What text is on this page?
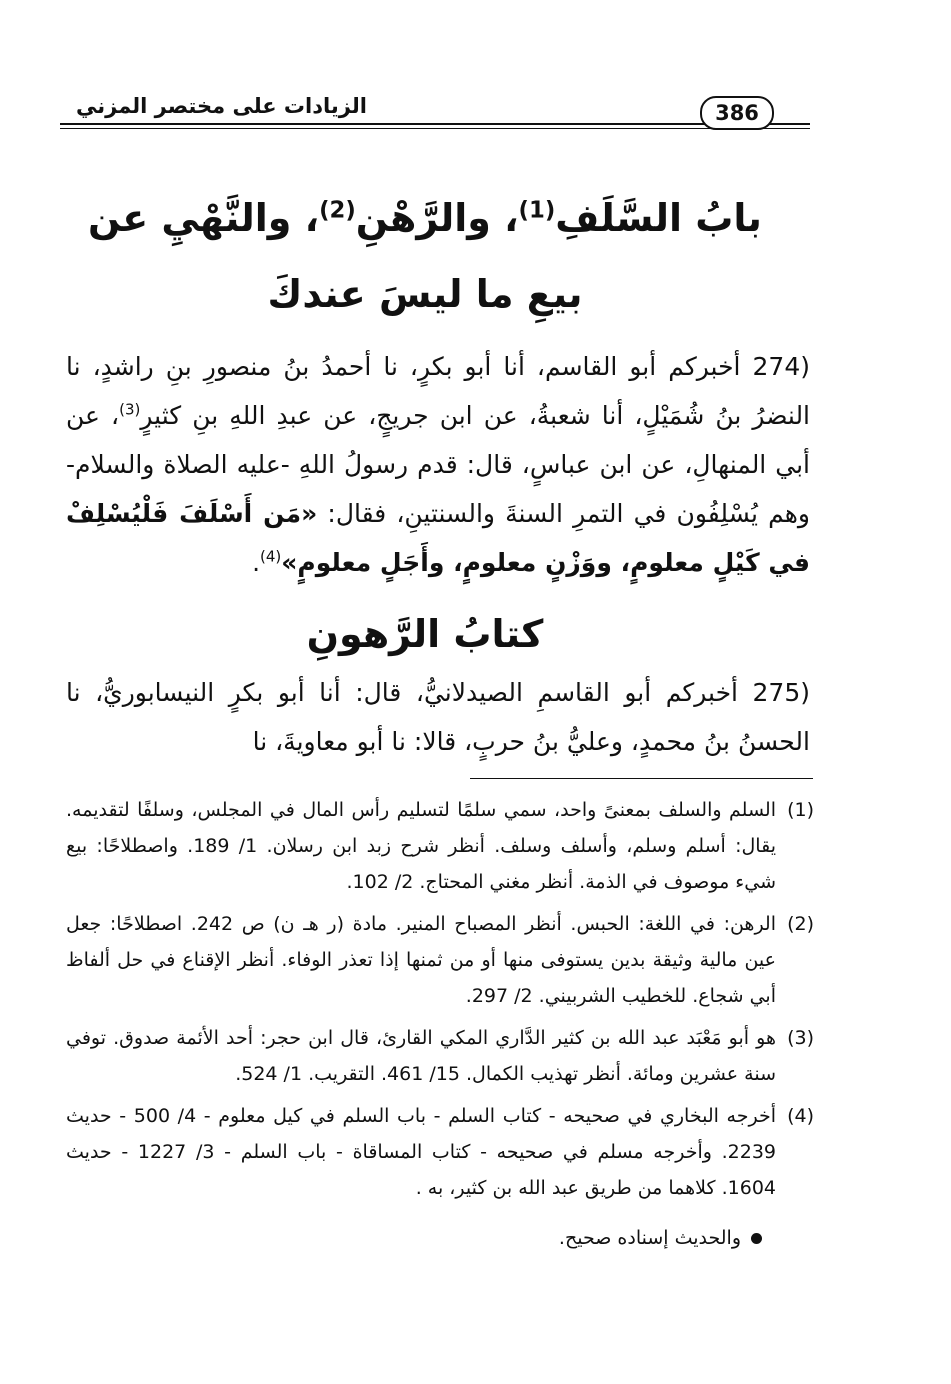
الزيادات على مختصر المزني	386
بابُ السَّلَفِ$^{(1)}$، والرَّهْنِ$^{(2)}$، والنَّهْيِ عن بيعِ ما ليسَ عندكَ
274) أخبركم أبو القاسم، أنا أبو بكرٍ، نا أحمدُ بنُ منصورِ بنِ راشدٍ، نا النضرُ بنُ شُمَيْلٍ، أنا شعبةُ، عن ابن جريجٍ، عن عبدِ اللهِ بنِ كثيرٍ$^{(3)}$، عن أبي المنهالِ، عن ابن عباسٍ، قال: قدم رسولُ اللهِ -عليه الصلاة والسلام- وهم يُسْلِفُون في التمرِ السنةَ والسنتينِ، فقال: «مَن أَسْلَفَ فَلْيُسْلِفْ في كَيْلٍ معلومٍ، ووَزْنٍ معلومٍ، وأَجَلٍ معلومٍ»$^{(4)}$.
كتابُ الرَّهونِ
275) أخبركم أبو القاسمِ الصيدلانيُّ، قال: أنا أبو بكرٍ النيسابوريُّ، نا الحسنُ بنُ محمدٍ، وعليُّ بنُ حربٍ، قالا: نا أبو معاويةَ، نا
(1)
السلم والسلف بمعنىً واحد، سمي سلمًا لتسليم رأس المال في المجلس، وسلفًا لتقديمه. يقال: أسلم وسلم، وأسلف وسلف. أنظر شرح زبد ابن رسلان. 1/ 189. واصطلاحًا: بيع شيء موصوف في الذمة. أنظر مغني المحتاج. 2/ 102.
(2)
الرهن: في اللغة: الحبس. أنظر المصباح المنير. مادة (ر هـ ن) ص 242. اصطلاحًا: جعل عين مالية وثيقة بدين يستوفى منها أو من ثمنها إذا تعذر الوفاء. أنظر الإقناع في حل ألفاظ أبي شجاع. للخطيب الشربيني. 2/ 297.
(3)
هو أبو مَعْبَد عبد الله بن كثير الدَّاري المكي القارئ، قال ابن حجر: أحد الأئمة صدوق. توفي سنة عشرين ومائة. أنظر تهذيب الكمال. 15/ 461. التقريب. 1/ 524.
(4)
أخرجه البخاري في صحيحه - كتاب السلم - باب السلم في كيل معلوم - 4/ 500 - حديث 2239. وأخرجه مسلم في صحيحه - كتاب المساقاة - باب السلم - 3/ 1227 - حديث 1604. كلاهما من طريق عبد الله بن كثير، به .
والحديث إسناده صحيح.
